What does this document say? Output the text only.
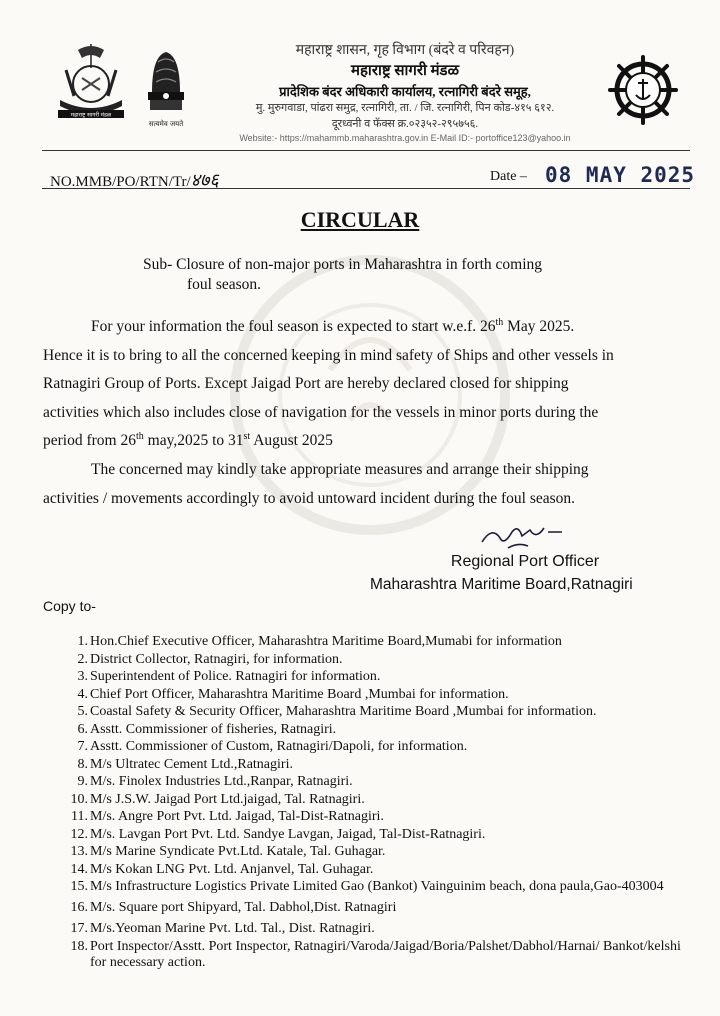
महाराष्ट्र सागरी मंडळ
सत्यमेव जयते
महाराष्ट्र शासन, गृह विभाग (बंदरे व परिवहन)
महाराष्ट्र सागरी मंडळ
प्रादेशिक बंदर अधिकारी कार्यालय, रत्नागिरी बंदरे समूह,
मु. मुरुगवाडा, पांढरा समुद्र, रत्नागिरी, ता. / जि. रत्नागिरी, पिन कोड-४१५ ६१२.
दूरध्वनी व फॅक्स क्र.०२३५२-२९५७५६.
Website:- https://mahammb.maharashtra.gov.in E-Mail ID:- portoffice123@yahoo.in
NO.MMB/PO/RTN/Tr/४७६	Date – 08 MAY 2025
CIRCULAR
Sub- Closure of non-major ports in Maharashtra in forth coming
foul season.
For your information the foul season is expected to start w.e.f. 26th May 2025.
Hence it is to bring to all the concerned keeping in mind safety of Ships and other vessels in
Ratnagiri Group of Ports. Except Jaigad Port are hereby declared closed for shipping
activities which also includes close of navigation for the vessels in minor ports during the
period from 26th may,2025 to 31st August 2025
The concerned may kindly take appropriate measures and arrange their shipping
activities / movements accordingly to avoid untoward incident during the foul season.
Regional Port Officer
Maharashtra Maritime Board,Ratnagiri
Copy to-
1. Hon.Chief Executive Officer, Maharashtra Maritime Board,Mumabi for information
2. District Collector, Ratnagiri, for information.
3. Superintendent of Police. Ratnagiri for information.
4. Chief Port Officer, Maharashtra Maritime Board ,Mumbai for information.
5. Coastal Safety & Security Officer, Maharashtra Maritime Board ,Mumbai for information.
6. Asstt. Commissioner of fisheries, Ratnagiri.
7. Asstt. Commissioner of Custom, Ratnagiri/Dapoli, for information.
8. M/s Ultratec Cement Ltd.,Ratnagiri.
9. M/s. Finolex Industries Ltd.,Ranpar, Ratnagiri.
10. M/s J.S.W. Jaigad Port Ltd.jaigad, Tal. Ratnagiri.
11. M/s. Angre Port Pvt. Ltd. Jaigad, Tal-Dist-Ratnagiri.
12. M/s. Lavgan Port Pvt. Ltd. Sandye Lavgan, Jaigad, Tal-Dist-Ratnagiri.
13. M/s Marine Syndicate Pvt.Ltd. Katale, Tal. Guhagar.
14. M/s Kokan LNG Pvt. Ltd. Anjanvel, Tal. Guhagar.
15. M/s Infrastructure Logistics Private Limited Gao (Bankot) Vainguinim beach, dona paula,Gao-403004
16. M/s. Square port Shipyard, Tal. Dabhol,Dist. Ratnagiri
17. M/s.Yeoman Marine Pvt. Ltd. Tal., Dist. Ratnagiri.
18. Port Inspector/Asstt. Port Inspector, Ratnagiri/Varoda/Jaigad/Boria/Palshet/Dabhol/Harnai/ Bankot/kelshi for necessary action.
